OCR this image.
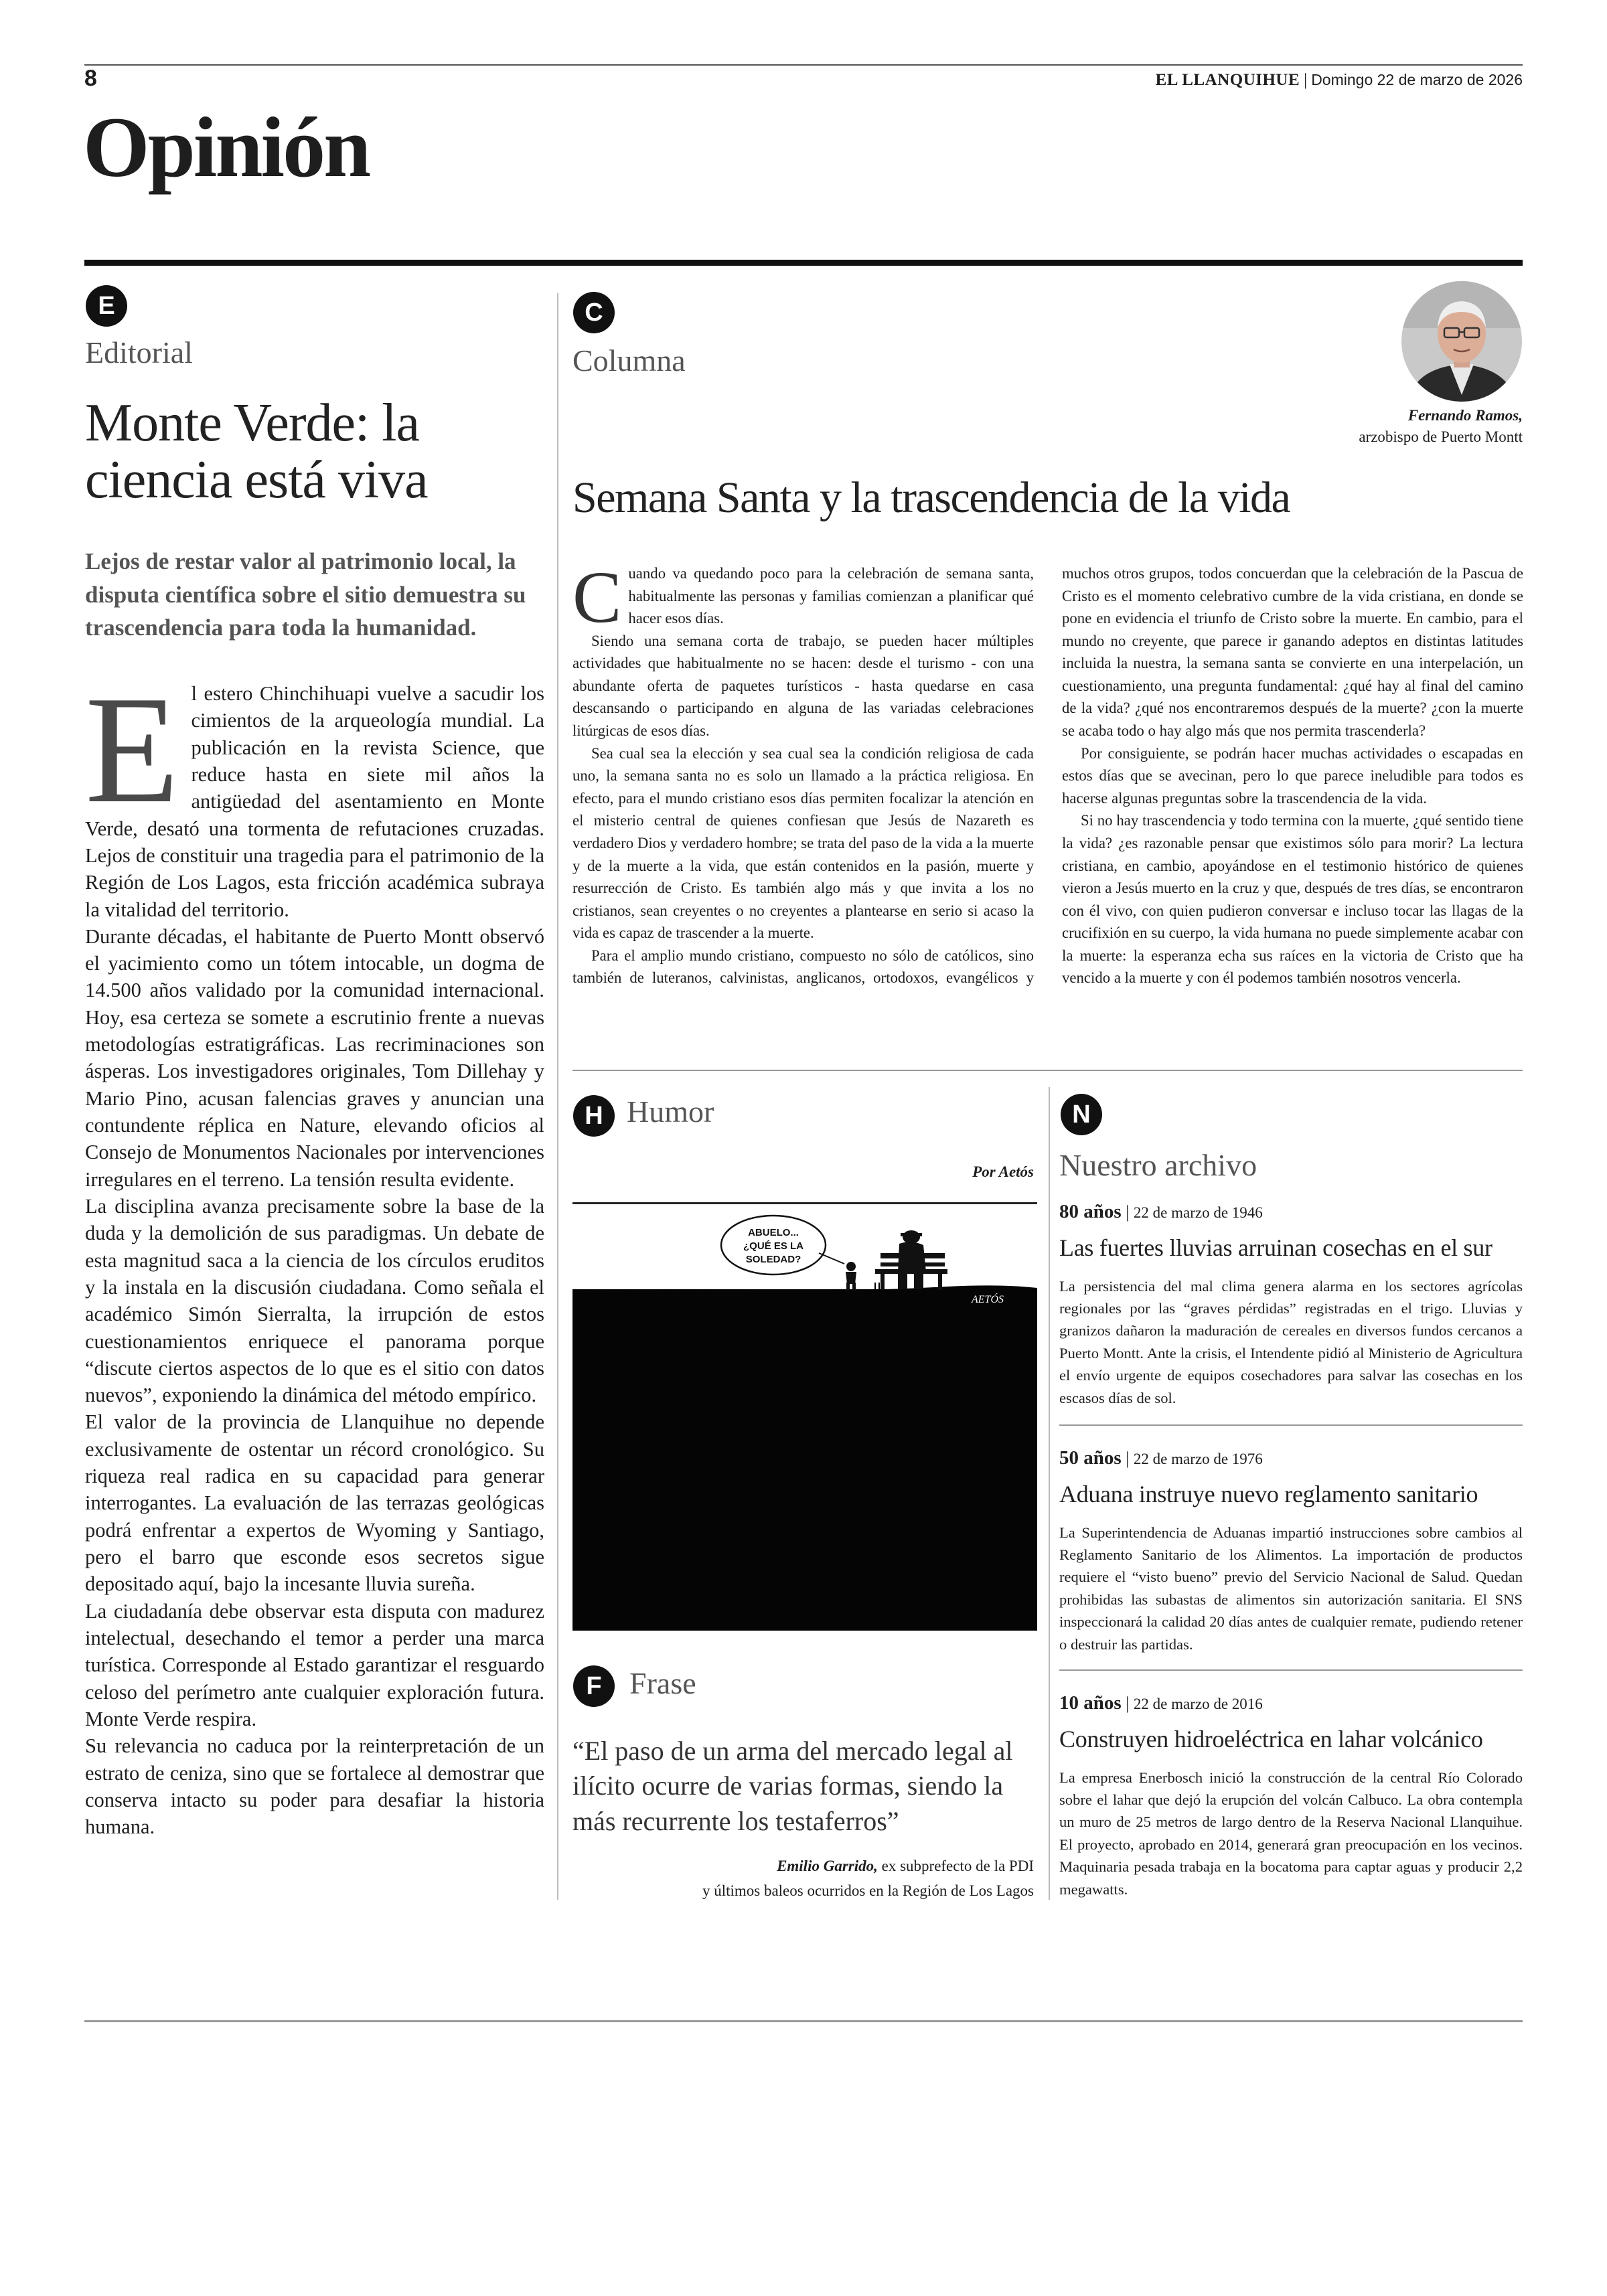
8	EL LLANQUIHUE | Domingo 22 de marzo de 2026
Opinión
E
Editorial
Monte Verde: la ciencia está viva
Lejos de restar valor al patrimonio local, la disputa científica sobre el sitio demuestra su trascendencia para toda la humanidad.

El estero Chinchihuapi vuelve a sacudir los cimientos de la arqueología mundial. La publicación en la revista Science, que reduce hasta en siete mil años la antigüedad del asentamiento en Monte Verde, desató una tormenta de refutaciones cruzadas. Lejos de constituir una tragedia para el patrimonio de la Región de Los Lagos, esta fricción académica subraya la vitalidad del territorio.

Durante décadas, el habitante de Puerto Montt observó el yacimiento como un tótem intocable, un dogma de 14.500 años validado por la comunidad internacional. Hoy, esa certeza se somete a escrutinio frente a nuevas metodologías estratigráficas. Las recriminaciones son ásperas. Los investigadores originales, Tom Dillehay y Mario Pino, acusan falencias graves y anuncian una contundente réplica en Nature, elevando oficios al Consejo de Monumentos Nacionales por intervenciones irregulares en el terreno. La tensión resulta evidente.

La disciplina avanza precisamente sobre la base de la duda y la demolición de sus paradigmas. Un debate de esta magnitud saca a la ciencia de los círculos eruditos y la instala en la discusión ciudadana. Como señala el académico Simón Sierralta, la irrupción de estos cuestionamientos enriquece el panorama porque “discute ciertos aspectos de lo que es el sitio con datos nuevos”, exponiendo la dinámica del método empírico.

El valor de la provincia de Llanquihue no depende exclusivamente de ostentar un récord cronológico. Su riqueza real radica en su capacidad para generar interrogantes. La evaluación de las terrazas geológicas podrá enfrentar a expertos de Wyoming y Santiago, pero el barro que esconde esos secretos sigue depositado aquí, bajo la incesante lluvia sureña.

La ciudadanía debe observar esta disputa con madurez intelectual, desechando el temor a perder una marca turística. Corresponde al Estado garantizar el resguardo celoso del perímetro ante cualquier exploración futura. Monte Verde respira.

Su relevancia no caduca por la reinterpretación de un estrato de ceniza, sino que se fortalece al demostrar que conserva intacto su poder para desafiar la historia humana.

C
Columna
Fernando Ramos,
arzobispo de Puerto Montt
Semana Santa y la trascendencia de la vida

Cuando va quedando poco para la celebración de semana santa, habitualmente las personas y familias comienzan a planificar qué hacer esos días.

Siendo una semana corta de trabajo, se pueden hacer múltiples actividades que habitualmente no se hacen: desde el turismo - con una abundante oferta de paquetes turísticos - hasta quedarse en casa descansando o participando en alguna de las variadas celebraciones litúrgicas de esos días.

Sea cual sea la elección y sea cual sea la condición religiosa de cada uno, la semana santa no es solo un llamado a la práctica religiosa. En efecto, para el mundo cristiano esos días permiten focalizar la atención en el misterio central de quienes confiesan que Jesús de Nazareth es verdadero Dios y verdadero hombre; se trata del paso de la vida a la muerte y de la muerte a la vida, que están contenidos en la pasión, muerte y resurrección de Cristo. Es también algo más y que invita a los no cristianos, sean creyentes o no creyentes a plantearse en serio si acaso la vida es capaz de trascender a la muerte.

Para el amplio mundo cristiano, compuesto no sólo de católicos, sino también de luteranos, calvinistas, anglicanos, ortodoxos, evangélicos y muchos otros grupos, todos concuerdan que la celebración de la Pascua de Cristo es el momento celebrativo cumbre de la vida cristiana, en donde se pone en evidencia el triunfo de Cristo sobre la muerte. En cambio, para el mundo no creyente, que parece ir ganando adeptos en distintas latitudes incluida la nuestra, la semana santa se convierte en una interpelación, un cuestionamiento, una pregunta fundamental: ¿qué hay al final del camino de la vida? ¿qué nos encontraremos después de la muerte? ¿con la muerte se acaba todo o hay algo más que nos permita trascenderla?

Por consiguiente, se podrán hacer muchas actividades o escapadas en estos días que se avecinan, pero lo que parece ineludible para todos es hacerse algunas preguntas sobre la trascendencia de la vida.

Si no hay trascendencia y todo termina con la muerte, ¿qué sentido tiene la vida? ¿es razonable pensar que existimos sólo para morir? La lectura cristiana, en cambio, apoyándose en el testimonio histórico de quienes vieron a Jesús muerto en la cruz y que, después de tres días, se encontraron con él vivo, con quien pudieron conversar e incluso tocar las llagas de la crucifixión en su cuerpo, la vida humana no puede simplemente acabar con la muerte: la esperanza echa sus raíces en la victoria de Cristo que ha vencido a la muerte y con él podemos también nosotros vencerla.

H Humor
Por Aetós
ABUELO...
¿QUÉ ES LA
SOLEDAD?
AETÓS
F Frase
“El paso de un arma del mercado legal al ilícito ocurre de varias formas, siendo la más recurrente los testaferros”
Emilio Garrido, ex subprefecto de la PDI
y últimos baleos ocurridos en la Región de Los Lagos
N
Nuestro archivo
80 años | 22 de marzo de 1946
Las fuertes lluvias arruinan cosechas en el sur
La persistencia del mal clima genera alarma en los sectores agrícolas regionales por las “graves pérdidas” registradas en el trigo. Lluvias y granizos dañaron la maduración de cereales en diversos fundos cercanos a Puerto Montt. Ante la crisis, el Intendente pidió al Ministerio de Agricultura el envío urgente de equipos cosechadores para salvar las cosechas en los escasos días de sol.
50 años | 22 de marzo de 1976
Aduana instruye nuevo reglamento sanitario
La Superintendencia de Aduanas impartió instrucciones sobre cambios al Reglamento Sanitario de los Alimentos. La importación de productos requiere el “visto bueno” previo del Servicio Nacional de Salud. Quedan prohibidas las subastas de alimentos sin autorización sanitaria. El SNS inspeccionará la calidad 20 días antes de cualquier remate, pudiendo retener o destruir las partidas.
10 años | 22 de marzo de 2016
Construyen hidroeléctrica en lahar volcánico
La empresa Enerbosch inició la construcción de la central Río Colorado sobre el lahar que dejó la erupción del volcán Calbuco. La obra contempla un muro de 25 metros de largo dentro de la Reserva Nacional Llanquihue. El proyecto, aprobado en 2014, generará gran preocupación en los vecinos. Maquinaria pesada trabaja en la bocatoma para captar aguas y producir 2,2 megawatts.
